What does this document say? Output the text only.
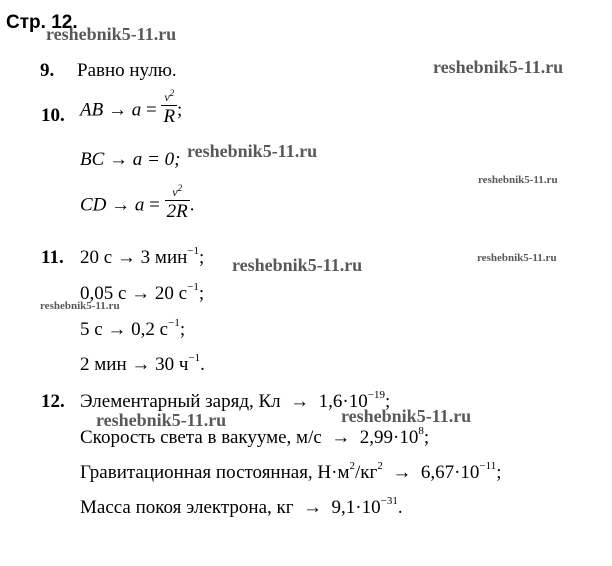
Стр. 12.
reshebnik5-11.ru
reshebnik5-11.ru
reshebnik5-11.ru
reshebnik5-11.ru
reshebnik5-11.ru	reshebnik5-11.ru
reshebnik5-11.ru
reshebnik5-11.ru	reshebnik5-11.ru
9. Равно нулю.
10. AB → $a = \frac{v^2}{R}$ ;
BC → a = 0;
CD → $a = \frac{v^2}{2R}$ .
11. 20 с → 3 мин$^{-1}$;
0,05 с → 20 $с^{-1}$;
5 с → 0,2 $с^{-1}$;
2 мин → 30 $ч^{-1}$.
12. Элементарный заряд, Кл  →  $1,6\cdot 10^{-19}$;
Скорость света в вакууме, $м/с \to 2,99\cdot 10^8$;
Гравитационная постоянная, $Н\cdot м^2/кг^2 \to 6,67\cdot 10^{-11}$;
Масса покоя электрона, кг  →  $9,1\cdot 10^{-31}$.
